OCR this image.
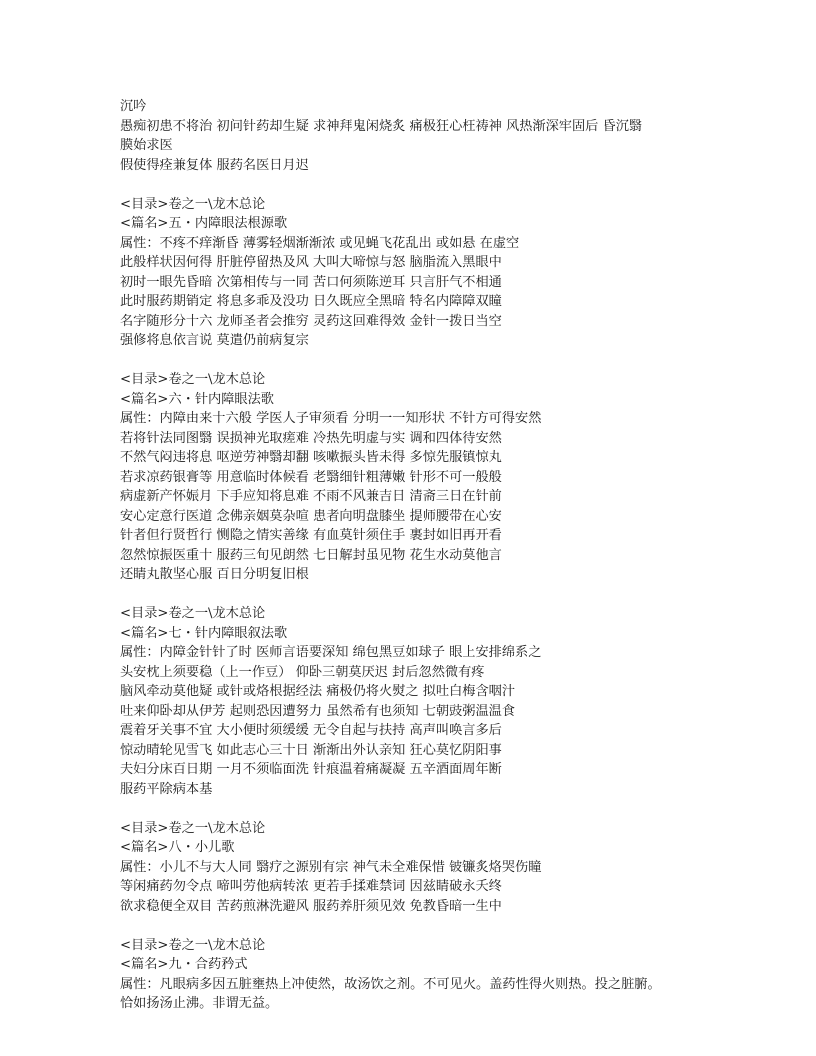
沉吟
愚痴初患不将治 初问针药却生疑 求神拜鬼闲烧炙 痛极狂心枉祷神 风热渐深牢固后 昏沉翳
膜始求医
假使得痊兼复体 服药名医日月迟
<目录>卷之一\龙木总论
<篇名>五・内障眼法根源歌
属性：不疼不痒渐昏 薄雾轻烟渐渐浓 或见蝇飞花乱出 或如悬 在虚空
此般样状因何得 肝脏停留热及风 大叫大啼惊与怒 脑脂流入黑眼中
初时一眼先昏暗 次第相传与一同 苦口何须陈逆耳 只言肝气不相通
此时服药期销定 将息多乖及没功 日久既应全黑暗 特名内障障双瞳
名字随形分十六 龙师圣者会推穷 灵药这回难得效 金针一拨日当空
强修将息依言说 莫遣仍前病复宗
<目录>卷之一\龙木总论
<篇名>六・针内障眼法歌
属性：内障由来十六般 学医人子审须看 分明一一知形状 不针方可得安然
若将针法同图翳 误损神光取瘥难 冷热先明虚与实 调和四体待安然
不然气闷违将息 呕逆劳神翳却翻 咳嗽振头皆未得 多惊先服镇惊丸
若求凉药银膏等 用意临时体候看 老翳细针粗薄嫩 针形不可一般般
病虚新产怀娠月 下手应知将息难 不雨不风兼吉日 清斋三日在针前
安心定意行医道 念佛亲姻莫杂喧 患者向明盘膝坐 提师腰带在心安
针者但行贤哲行 恻隐之情实善缘 有血莫针须住手 裹封如旧再开看
忽然惊振医重十 服药三旬见朗然 七日解封虽见物 花生水动莫他言
还睛丸散坚心服 百日分明复旧根
<目录>卷之一\龙木总论
<篇名>七・针内障眼叙法歌
属性：内障金针针了时 医师言语要深知 绵包黑豆如球子 眼上安排绵系之
头安枕上须要稳（上一作豆） 仰卧三朝莫厌迟 封后忽然微有疼
脑风牵动莫他疑 或针或烙根据经法 痛极仍将火熨之 拟吐白梅含咽汁
吐来仰卧却从伊芳 起则恐因遭努力 虽然希有也须知 七朝豉粥温温食
震着牙关事不宜 大小便时须缓缓 无令自起与扶持 高声叫唤言多后
惊动晴轮见雪飞 如此志心三十日 渐渐出外认亲知 狂心莫忆阴阳事
夫妇分床百日期 一月不须临面洗 针痕温着痛凝凝 五辛酒面周年断
服药平除病本基
<目录>卷之一\龙木总论
<篇名>八・小儿歌
属性：小儿不与大人同 翳疗之源别有宗 神气未全难保惜 铍镰炙烙哭伤瞳
等闲痛药勿令点 啼叫劳他病转浓 更若手揉难禁词 因兹睛破永夭终
欲求稳便全双目 苦药煎淋洗避风 服药养肝须见效 免教昏暗一生中
<目录>卷之一\龙木总论
<篇名>九・合药矜式
属性：凡眼病多因五脏壅热上冲使然，故汤饮之剂。不可见火。盖药性得火则热。投之脏腑。
恰如扬汤止沸。非谓无益。
